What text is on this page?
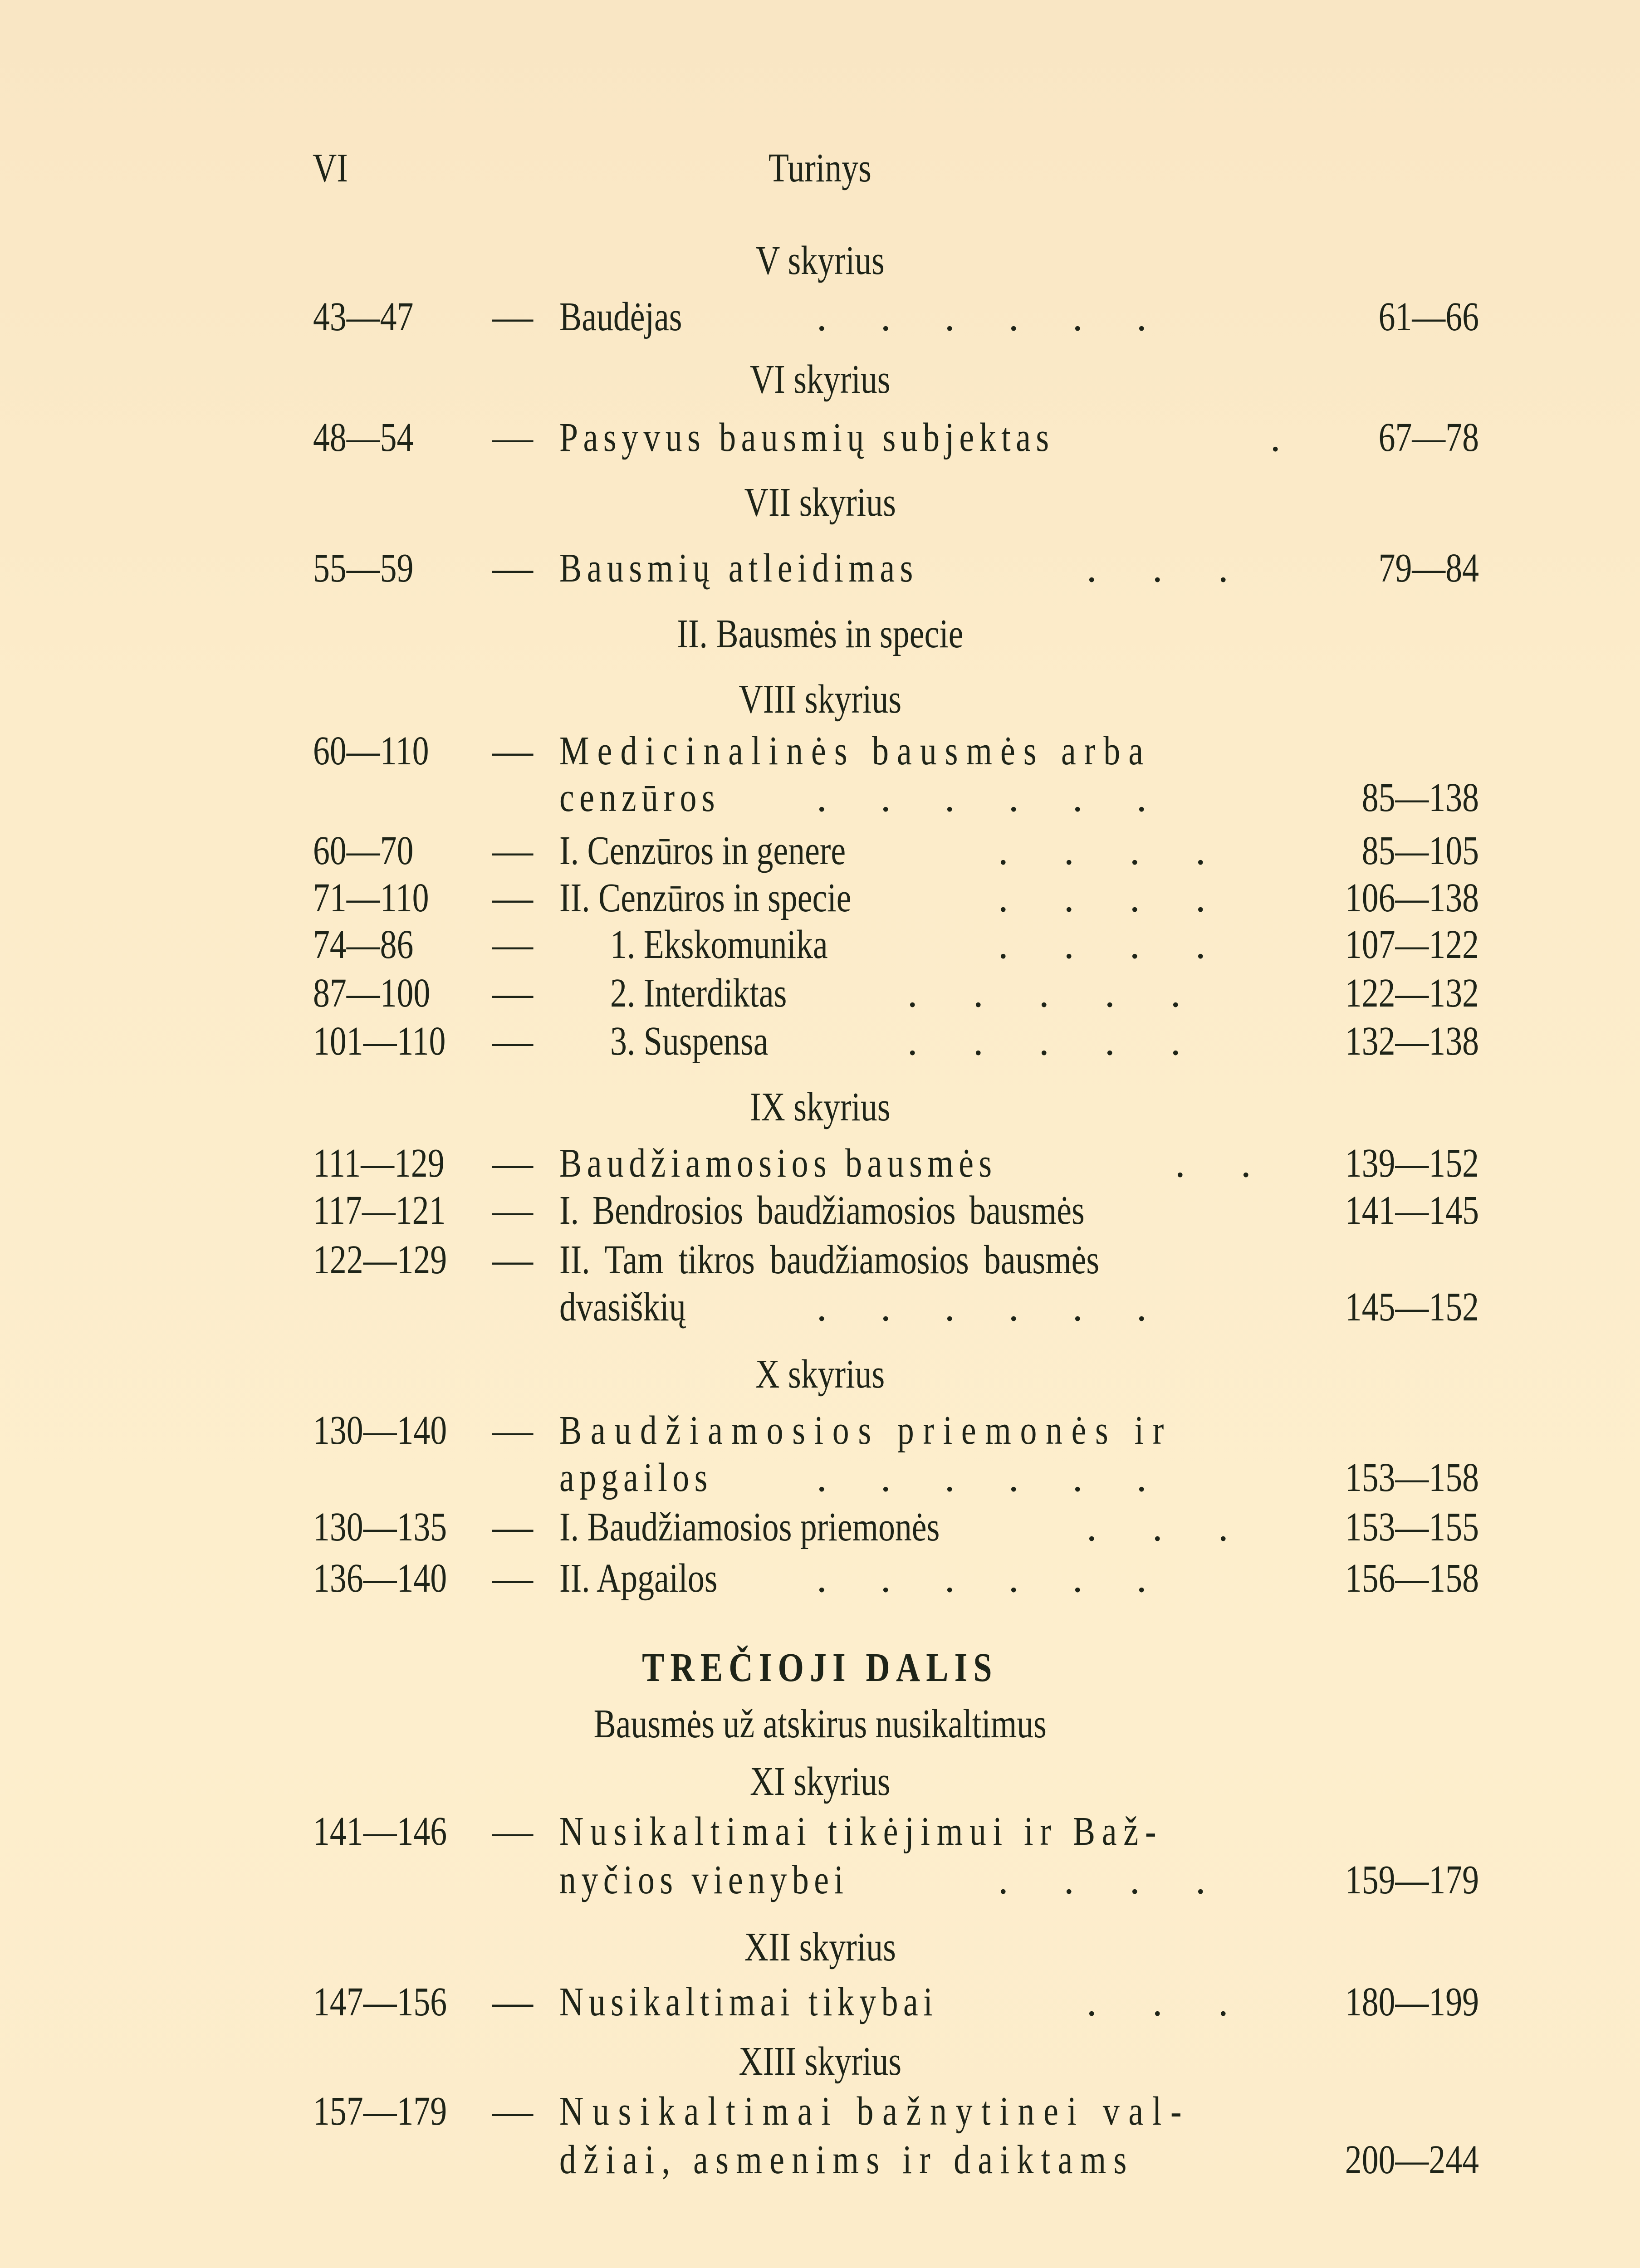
VI	Turinys
V skyrius
43—47 — Baudėjas	. . . . . .	61—66
VI skyrius
48—54 — Pasyvus bausmių subjektas	. 67—78
VII skyrius
55—59 — Bausmių atleidimas	. . .	79—84
II. Bausmės in specie
VIII skyrius
60—110 — Medicinalinės bausmės arba
cenzūros . . . . . .	85—138
60—70 — I. Cenzūros in genere	. . . .	85—105
71—110 — II. Cenzūros in specie	. . . .	106—138
74—86 — 1. Ekskomunika	. . . .	107—122
87—100 — 2. Interdiktas	. . . . .	122—132
101—110 — 3. Suspensa	. . . . .	132—138
IX skyrius
111—129 — Baudžiamosios bausmės	. . 139—152
117—121 — I. Bendrosios baudžiamosios bausmės	141—145
122—129 — II. Tam tikros baudžiamosios bausmės
dvasiškių	. . . . . .	145—152
X skyrius
130—140 — Baudžiamosios priemonės ir
apgailos	. . . . . .	153—158
130—135 — I. Baudžiamosios priemonės	. . . 153—155
136—140 — II. Apgailos . . . . . .	156—158
TREČIOJI DALIS
Bausmės už atskirus nusikaltimus
XI skyrius
141—146 — Nusikaltimai tikėjimui ir Baž-
nyčios vienybei	. . . .	159—179
XII skyrius
147—156 — Nusikaltimai tikybai	. . . 180—199
XIII skyrius
157—179 — Nusikaltimai bažnytinei val-
džiai, asmenims ir daiktams	200—244
